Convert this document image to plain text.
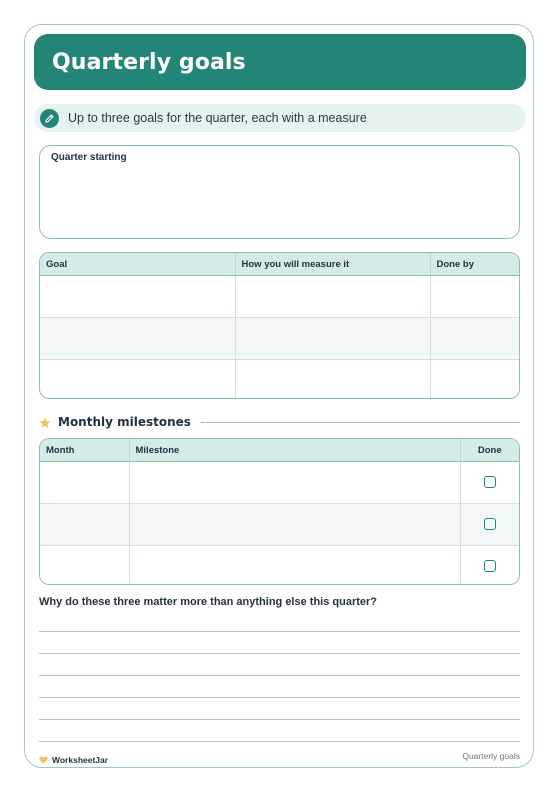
Quarterly goals
Up to three goals for the quarter, each with a measure
Quarter starting
Goal	How you will measure it	Done by

Monthly milestones
Month	Milestone	Done

Why do these three matter more than anything else this quarter?
WorksheetJar	Quarterly goals
